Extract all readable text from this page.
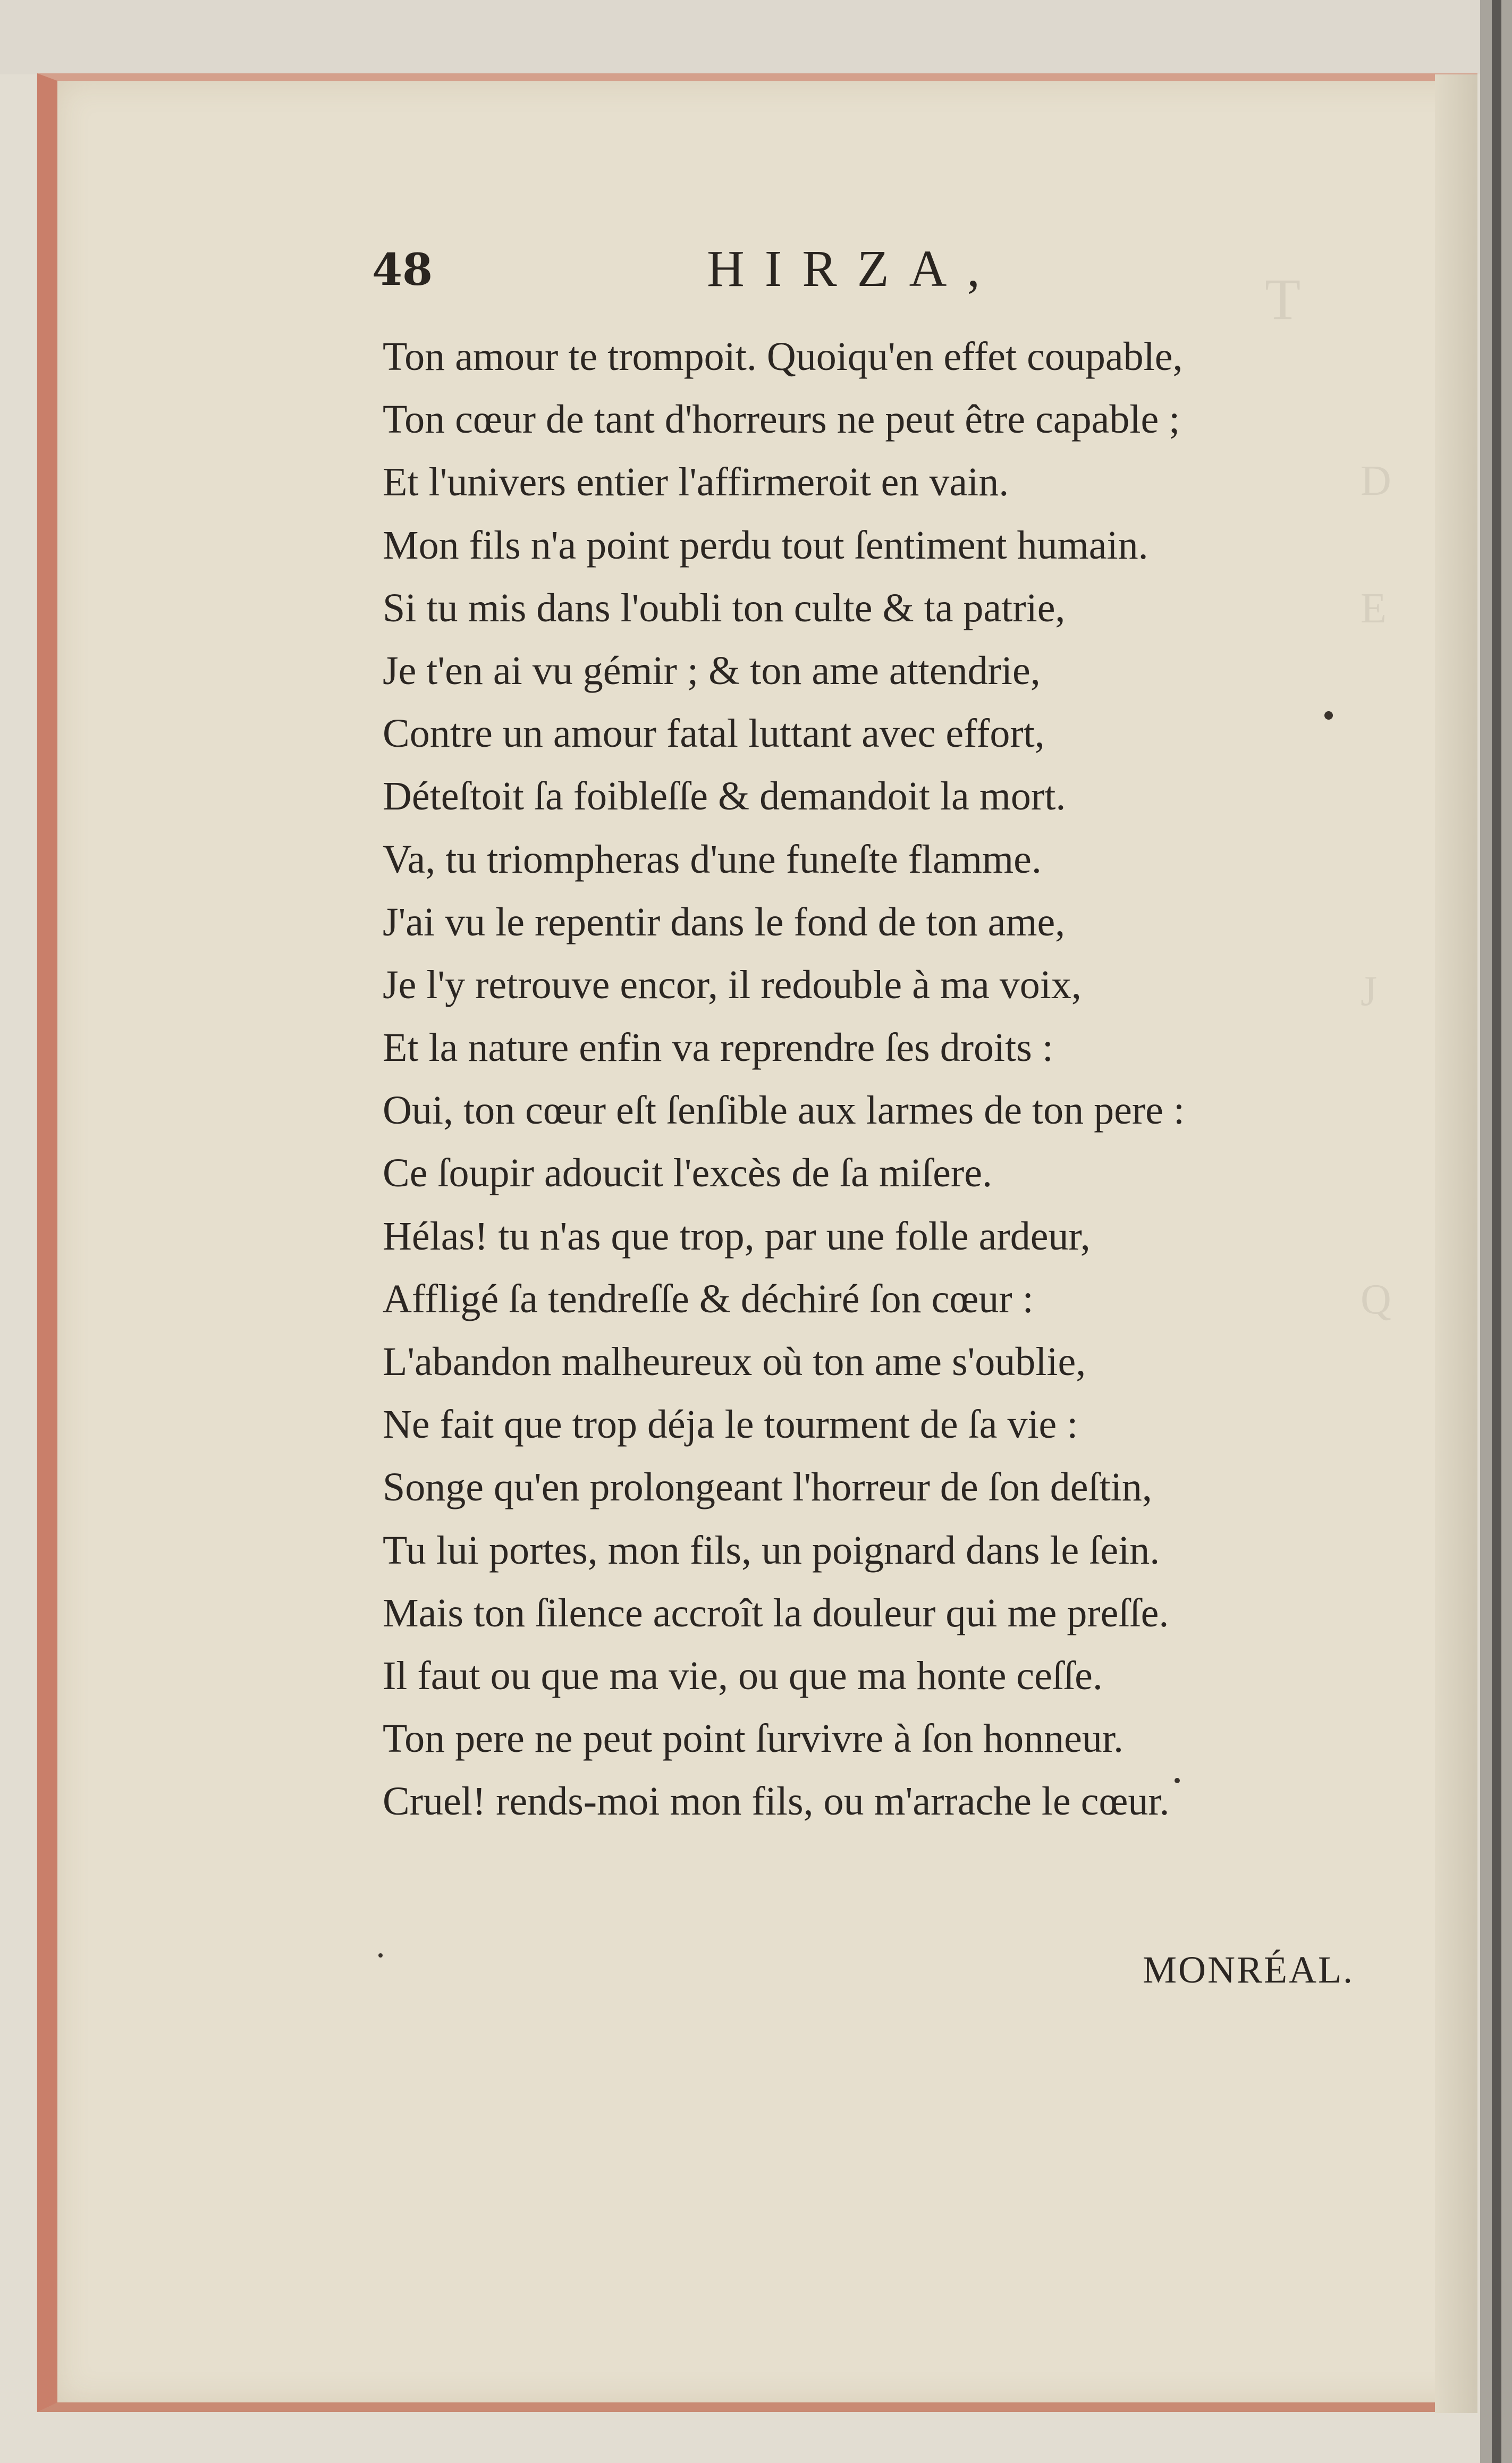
T
D
E
J
Q
48	HIRZA,
Ton amour te trompoit. Quoiqu'en effet coupable,
Ton cœur de tant d'horreurs ne peut être capable ;
Et l'univers entier l'affirmeroit en vain.
Mon fils n'a point perdu tout ſentiment humain.
Si tu mis dans l'oubli ton culte & ta patrie,
Je t'en ai vu gémir ; & ton ame attendrie,
Contre un amour fatal luttant avec effort,
Déteſtoit ſa foibleſſe & demandoit la mort.
Va, tu triompheras d'une funeſte flamme.
J'ai vu le repentir dans le fond de ton ame,
Je l'y retrouve encor, il redouble à ma voix,
Et la nature enfin va reprendre ſes droits :
Oui, ton cœur eſt ſenſible aux larmes de ton pere :
Ce ſoupir adoucit l'excès de ſa miſere.
Hélas! tu n'as que trop, par une folle ardeur,
Affligé ſa tendreſſe & déchiré ſon cœur :
L'abandon malheureux où ton ame s'oublie,
Ne fait que trop déja le tourment de ſa vie :
Songe qu'en prolongeant l'horreur de ſon deſtin,
Tu lui portes, mon fils, un poignard dans le ſein.
Mais ton ſilence accroît la douleur qui me preſſe.
Il faut ou que ma vie, ou que ma honte ceſſe.
Ton pere ne peut point ſurvivre à ſon honneur.
Cruel! rends-moi mon fils, ou m'arrache le cœur.
MONRÉAL.
